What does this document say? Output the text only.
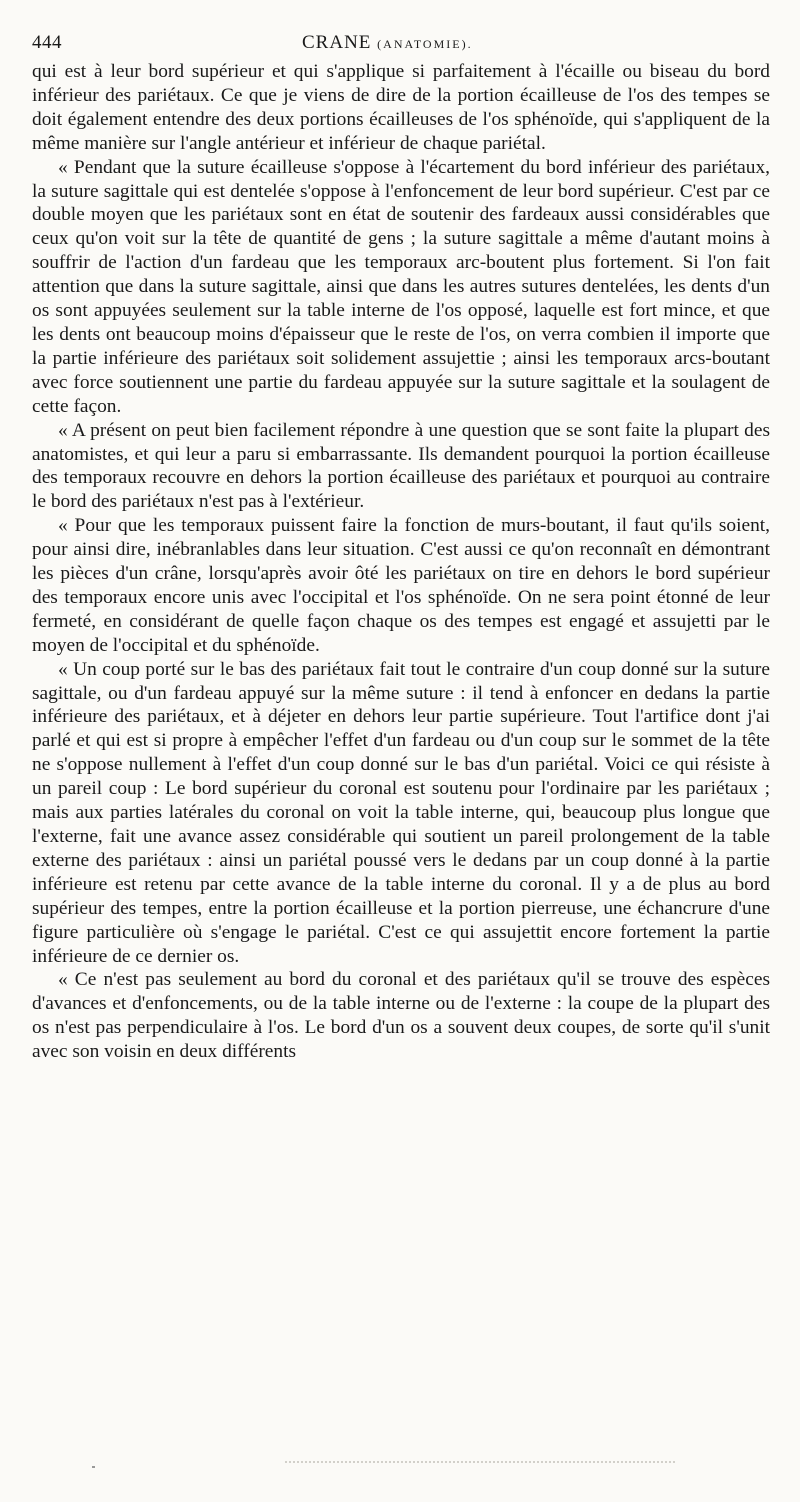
444	CRANE (ANATOMIE).

qui est à leur bord supérieur et qui s'applique si parfaitement à l'écaille ou biseau du bord inférieur des pariétaux. Ce que je viens de dire de la portion écailleuse de l'os des tempes se doit également entendre des deux portions écailleuses de l'os sphénoïde, qui s'appliquent de la même manière sur l'angle antérieur et inférieur de chaque pariétal.

« Pendant que la suture écailleuse s'oppose à l'écartement du bord inférieur des pariétaux, la suture sagittale qui est dentelée s'oppose à l'enfoncement de leur bord supérieur. C'est par ce double moyen que les pariétaux sont en état de soutenir des fardeaux aussi considérables que ceux qu'on voit sur la tête de quantité de gens ; la suture sagittale a même d'autant moins à souffrir de l'action d'un fardeau que les temporaux arc-boutent plus fortement. Si l'on fait attention que dans la suture sagittale, ainsi que dans les autres sutures dentelées, les dents d'un os sont appuyées seulement sur la table interne de l'os opposé, laquelle est fort mince, et que les dents ont beaucoup moins d'épaisseur que le reste de l'os, on verra combien il importe que la partie inférieure des pariétaux soit solidement assujettie ; ainsi les temporaux arcs-boutant avec force soutiennent une partie du fardeau appuyée sur la suture sagittale et la soulagent de cette façon.

« A présent on peut bien facilement répondre à une question que se sont faite la plupart des anatomistes, et qui leur a paru si embarrassante. Ils demandent pourquoi la portion écailleuse des temporaux recouvre en dehors la portion écailleuse des pariétaux et pourquoi au contraire le bord des pariétaux n'est pas à l'extérieur.

« Pour que les temporaux puissent faire la fonction de murs-boutant, il faut qu'ils soient, pour ainsi dire, inébranlables dans leur situation. C'est aussi ce qu'on reconnaît en démontrant les pièces d'un crâne, lorsqu'après avoir ôté les pariétaux on tire en dehors le bord supérieur des temporaux encore unis avec l'occipital et l'os sphénoïde. On ne sera point étonné de leur fermeté, en considérant de quelle façon chaque os des tempes est engagé et assujetti par le moyen de l'occipital et du sphénoïde.

« Un coup porté sur le bas des pariétaux fait tout le contraire d'un coup donné sur la suture sagittale, ou d'un fardeau appuyé sur la même suture : il tend à enfoncer en dedans la partie inférieure des pariétaux, et à déjeter en dehors leur partie supérieure. Tout l'artifice dont j'ai parlé et qui est si propre à empêcher l'effet d'un fardeau ou d'un coup sur le sommet de la tête ne s'oppose nullement à l'effet d'un coup donné sur le bas d'un pariétal. Voici ce qui résiste à un pareil coup : Le bord supérieur du coronal est soutenu pour l'ordinaire par les pariétaux ; mais aux parties latérales du coronal on voit la table interne, qui, beaucoup plus longue que l'externe, fait une avance assez considérable qui soutient un pareil prolongement de la table externe des pariétaux : ainsi un pariétal poussé vers le dedans par un coup donné à la partie inférieure est retenu par cette avance de la table interne du coronal. Il y a de plus au bord supérieur des tempes, entre la portion écailleuse et la portion pierreuse, une échancrure d'une figure particulière où s'engage le pariétal. C'est ce qui assujettit encore fortement la partie inférieure de ce dernier os.

« Ce n'est pas seulement au bord du coronal et des pariétaux qu'il se trouve des espèces d'avances et d'enfoncements, ou de la table interne ou de l'externe : la coupe de la plupart des os n'est pas perpendiculaire à l'os. Le bord d'un os a souvent deux coupes, de sorte qu'il s'unit avec son voisin en deux différents
